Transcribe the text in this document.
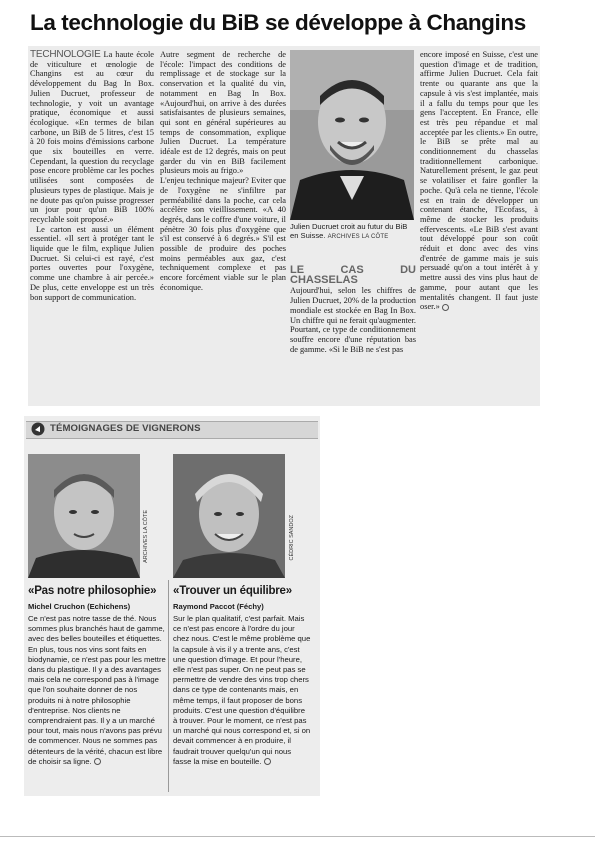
La technologie du BiB se développe à Changins

TECHNOLOGIE La haute école de viticulture et œnologie de Changins est au cœur du développement du Bag In Box. Julien Ducruet, professeur de technologie, y voit un avantage pratique, économique et aussi écologique. «En termes de bilan carbone, un BiB de 5 litres, c'est 15 à 20 fois moins d'émissions carbone que six bouteilles en verre. Cependant, la question du recyclage pose encore problème car les poches utilisées sont composées de plusieurs types de plastique. Mais je ne doute pas qu'on puisse progresser un jour pour qu'un BiB 100% recyclable soit proposé.»

Le carton est aussi un élément essentiel. «Il sert à protéger tant le liquide que le film, explique Julien Ducruet. Si celui-ci est rayé, c'est portes ouvertes pour l'oxygène, comme une chambre à air percée.» De plus, cette enveloppe est un très bon support de communication.

Autre segment de recherche de l'école: l'impact des conditions de remplissage et de stockage sur la conservation et la qualité du vin, notamment en Bag In Box. «Aujourd'hui, on arrive à des durées satisfaisantes de plusieurs semaines, qui sont en général supérieures au temps de consommation, explique Julien Ducruet. La température idéale est de 12 degrés, mais on peut garder du vin en BiB facilement plusieurs mois au frigo.»

L'enjeu technique majeur? Eviter que de l'oxygène ne s'infiltre par perméabilité dans la poche, car cela accélère son vieillissement. «A 40 degrés, dans le coffre d'une voiture, il pénètre 30 fois plus d'oxygène que s'il est conservé à 6 degrés.» S'il est possible de produire des poches moins perméables aux gaz, c'est techniquement complexe et pas encore forcément viable sur le plan économique.

Julien Ducruet croit au futur du BiB en Suisse. ARCHIVES LA CÔTE
LE CAS DU CHASSELAS

Aujourd'hui, selon les chiffres de Julien Ducruet, 20% de la production mondiale est stockée en Bag In Box. Un chiffre qui ne ferait qu'augmenter. Pourtant, ce type de conditionnement souffre encore d'une réputation bas de gamme. «Si le BiB ne s'est pas

encore imposé en Suisse, c'est une question d'image et de tradition, affirme Julien Ducruet. Cela fait trente ou quarante ans que la capsule à vis s'est implantée, mais il a fallu du temps pour que les gens l'acceptent. En France, elle est très peu répandue et mal acceptée par les clients.» En outre, le BiB se prête mal au conditionnement du chasselas traditionnellement carbonique. Naturellement présent, le gaz peut se volatiliser et faire gonfler la poche. Qu'à cela ne tienne, l'école est en train de développer un contenant étanche, l'Ecofass, à même de stocker les produits effervescents. «Le BiB s'est avant tout développé pour son coût réduit et donc avec des vins d'entrée de gamme mais je suis persuadé qu'on a tout intérêt à y mettre aussi des vins plus haut de gamme, pour autant que les mentalités changent. Il faut juste oser.»

TÉMOIGNAGES DE VIGNERONS
ARCHIVES LA CÔTE	CÉDRIC SANDOZ
«Pas notre philosophie»
Michel Cruchon (Echichens)
Ce n'est pas notre tasse de thé. Nous sommes plus branchés haut de gamme, avec des belles bouteilles et étiquettes. En plus, tous nos vins sont faits en biodynamie, ce n'est pas pour les mettre dans du plastique. Il y a des avantages mais cela ne correspond pas à l'image que l'on souhaite donner de nos produits ni à notre philosophie d'entreprise. Nos clients ne comprendraient pas. Il y a un marché pour tout, mais nous n'avons pas prévu de commencer. Nous ne sommes pas détenteurs de la vérité, chacun est libre de choisir sa ligne.
«Trouver un équilibre»
Raymond Paccot (Féchy)
Sur le plan qualitatif, c'est parfait. Mais ce n'est pas encore à l'ordre du jour chez nous. C'est le même problème que la capsule à vis il y a trente ans, c'est une question d'image. Et pour l'heure, elle n'est pas super. On ne peut pas se permettre de vendre des vins trop chers dans ce type de contenants mais, en même temps, il faut proposer de bons produits. C'est une question d'équilibre à trouver. Pour le moment, ce n'est pas un marché qui nous correspond et, si on devait commencer à en produire, il faudrait trouver quelqu'un qui nous fasse la mise en bouteille.
